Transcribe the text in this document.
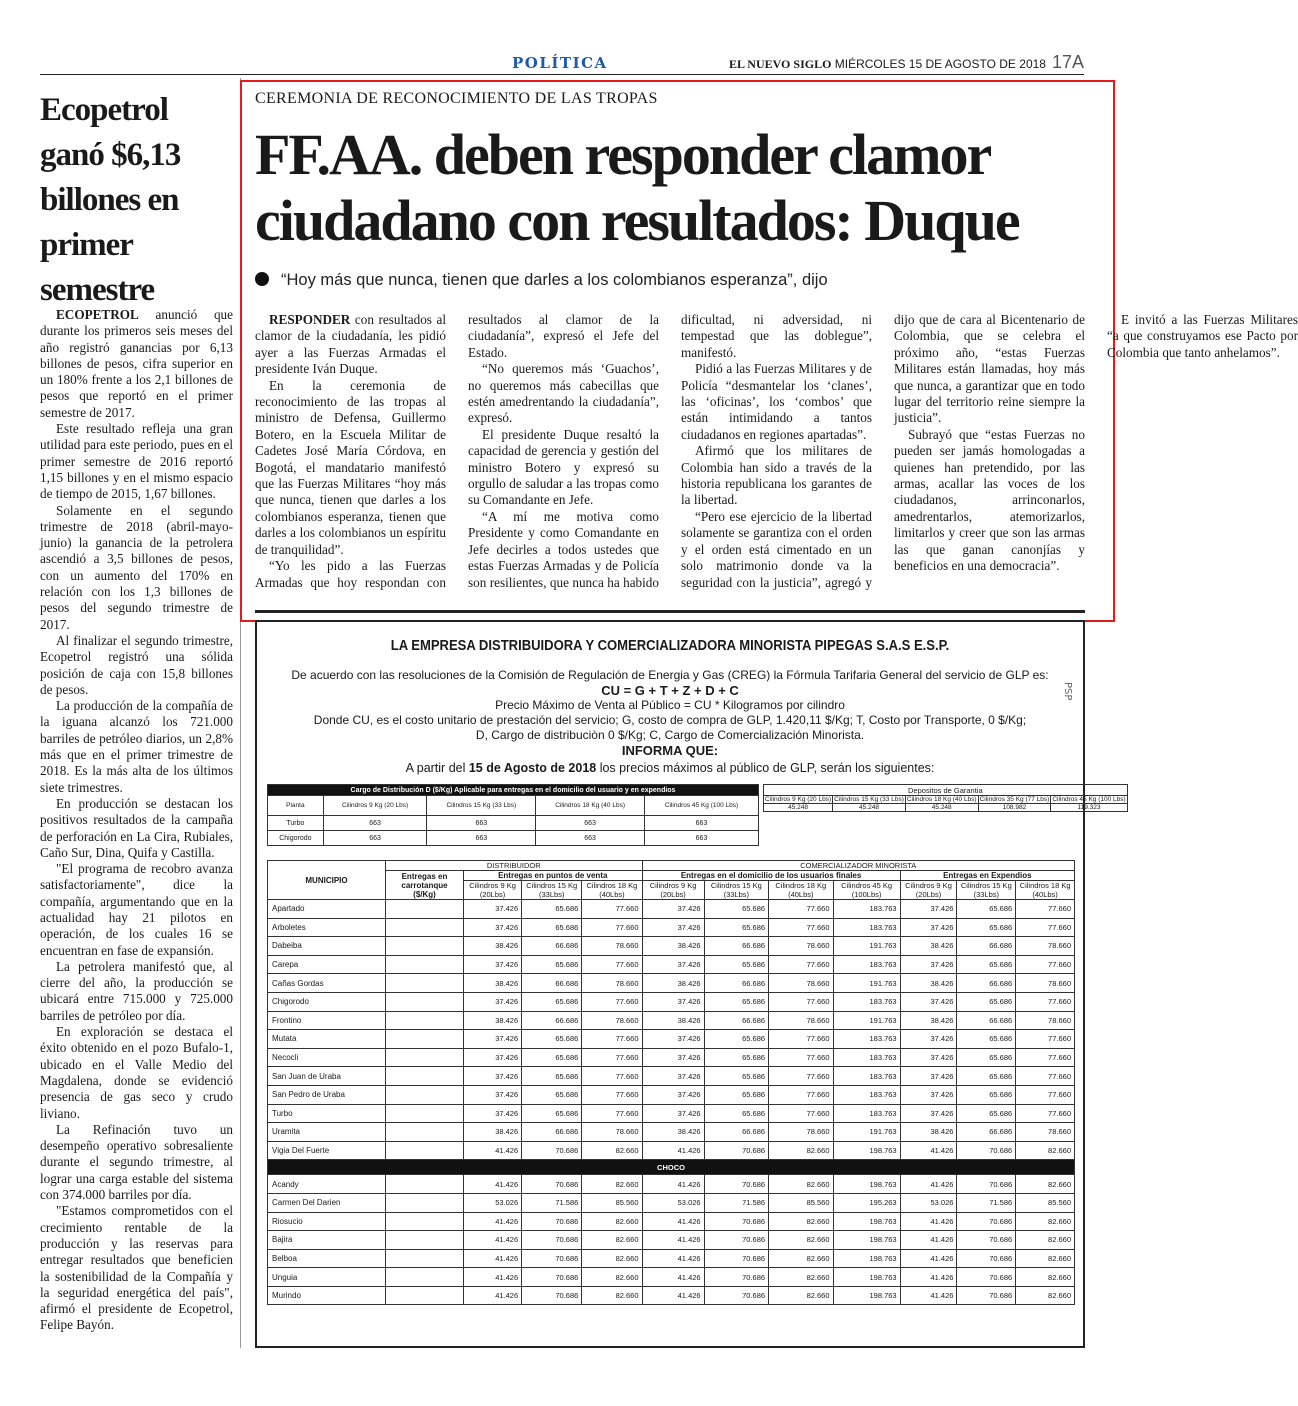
POLÍTICA	EL NUEVO SIGLO MIÉRCOLES 15 DE AGOSTO DE 2018 17A
Ecopetrol ganó $6,13 billones en primer semestre

ECOPETROL anunció que durante los primeros seis meses del año registró ganancias por 6,13 billones de pesos, cifra superior en un 180% frente a los 2,1 billones de pesos que reportó en el primer semestre de 2017.

Este resultado refleja una gran utilidad para este periodo, pues en el primer semestre de 2016 reportó 1,15 billones y en el mismo espacio de tiempo de 2015, 1,67 billones.

Solamente en el segundo trimestre de 2018 (abril-mayo-junio) la ganancia de la petrolera ascendió a 3,5 billones de pesos, con un aumento del 170% en relación con los 1,3 billones de pesos del segundo trimestre de 2017.

Al finalizar el segundo trimestre, Ecopetrol registró una sólida posición de caja con 15,8 billones de pesos.

La producción de la compañía de la iguana alcanzó los 721.000 barriles de petróleo diarios, un 2,8% más que en el primer trimestre de 2018. Es la más alta de los últimos siete trimestres.

En producción se destacan los positivos resultados de la campaña de perforación en La Cira, Rubiales, Caño Sur, Dina, Quifa y Castilla.

"El programa de recobro avanza satisfactoriamente", dice la compañía, argumentando que en la actualidad hay 21 pilotos en operación, de los cuales 16 se encuentran en fase de expansión.

La petrolera manifestó que, al cierre del año, la producción se ubicará entre 715.000 y 725.000 barriles de petróleo por día.

En exploración se destaca el éxito obtenido en el pozo Bufalo-1, ubicado en el Valle Medio del Magdalena, donde se evidenció presencia de gas seco y crudo liviano.

La Refinación tuvo un desempeño operativo sobresaliente durante el segundo trimestre, al lograr una carga estable del sistema con 374.000 barriles por día.

"Estamos comprometidos con el crecimiento rentable de la producción y las reservas para entregar resultados que beneficien la sostenibilidad de la Compañía y la seguridad energética del país", afirmó el presidente de Ecopetrol, Felipe Bayón.

CEREMONIA DE RECONOCIMIENTO DE LAS TROPAS
FF.AA. deben responder clamor ciudadano con resultados: Duque
“Hoy más que nunca, tienen que darles a los colombianos esperanza”, dijo

RESPONDER con resultados al clamor de la ciudadanía, les pidió ayer a las Fuerzas Armadas el presidente Iván Duque.

En la ceremonia de reconocimiento de las tropas al ministro de Defensa, Guillermo Botero, en la Escuela Militar de Cadetes José María Córdova, en Bogotá, el mandatario manifestó que las Fuerzas Militares “hoy más que nunca, tienen que darles a los colombianos esperanza, tienen que darles a los colombianos un espíritu de tranquilidad”.

“Yo les pido a las Fuerzas Armadas que hoy respondan con resultados al clamor de la ciudadanía”, expresó el Jefe del Estado.

“No queremos más ‘Guachos’, no queremos más cabecillas que estén amedrentando la ciudadanía”, expresó.

El presidente Duque resaltó la capacidad de gerencia y gestión del ministro Botero y expresó su orgullo de saludar a las tropas como su Comandante en Jefe.

“A mí me motiva como Presidente y como Comandante en Jefe decirles a todos ustedes que estas Fuerzas Armadas y de Policía son resilientes, que nunca ha habido dificultad, ni adversidad, ni tempestad que las doblegue”, manifestó.

Pidió a las Fuerzas Militares y de Policía “desmantelar los ‘clanes’, las ‘oficinas’, los ‘combos’ que están intimidando a tantos ciudadanos en regiones apartadas”.

Afirmó que los militares de Colombia han sido a través de la historia republicana los garantes de la libertad.

“Pero ese ejercicio de la libertad solamente se garantiza con el orden y el orden está cimentado en un solo matrimonio donde va la seguridad con la justicia”, agregó y dijo que de cara al Bicentenario de Colombia, que se celebra el próximo año, “estas Fuerzas Militares están llamadas, hoy más que nunca, a garantizar que en todo lugar del territorio reine siempre la justicia”.

Subrayó que “estas Fuerzas no pueden ser jamás homologadas a quienes han pretendido, por las armas, acallar las voces de los ciudadanos, arrinconarlos, amedrentarlos, atemorizarlos, limitarlos y creer que son las armas las que ganan canonjías y beneficios en una democracia”.

E invitó a las Fuerzas Militares “a que construyamos ese Pacto por Colombia que tanto anhelamos”.

LA EMPRESA DISTRIBUIDORA Y COMERCIALIZADORA MINORISTA PIPEGAS S.A.S E.S.P.
De acuerdo con las resoluciones de la Comisión de Regulación de Energia y Gas (CREG) la Fórmula Tarifaria General del servicio de GLP es:
CU = G + T + Z + D + C
Precio Máximo de Venta al Público = CU * Kilogramos por cilindro
Donde CU, es el costo unitario de prestación del servicio; G, costo de compra de GLP, 1.420,11 $/Kg; T, Costo por Transporte, 0 $/Kg;
D, Cargo de distribuciòn 0 $/Kg; C, Cargo de Comercialización Minorista.
INFORMA QUE:
A partir del 15 de Agosto de 2018 los precios máximos al público de GLP, serán los siguientes:
PSP
Cargo de Distribución D ($/Kg) Aplicable para entregas en el domicilio del usuario y en expendios				
Planta	Cilindros 9 Kg (20 Lbs)	Cilindros 15 Kg (33 Lbs)	Cilindros 18 Kg (40 Lbs)	Cilindros 45 Kg (100 Lbs)
Turbo	663	663	663	663
Chigorodo	663	663	663	663
Depositos de Garantia				
Cilindros 9 Kg (20 Lbs)	Cilindros 15 Kg (33 Lbs)	Cilindros 18 Kg (40 Lbs)	Cilindros 35 Kg (77 Lbs)	Cilindros 45 Kg (100 Lbs)
45.248	45.248	45.248	108.982	119.323
MUNICIPIO	DISTRIBUIDOR				COMERCIALIZADOR MINORISTA						
	Entregas en carrotanque ($/Kg)	Entregas en puntos de venta			Entregas en el domicilio de los usuarios finales				Entregas en Expendios		
		Cilindros 9 Kg (20Lbs)	Cilindros 15 Kg (33Lbs)	Cilindros 18 Kg (40Lbs)	Cilindros 9 Kg (20Lbs)	Cilindros 15 Kg (33Lbs)	Cilindros 18 Kg (40Lbs)	Cilindros 45 Kg (100Lbs)	Cilindros 9 Kg (20Lbs)	Cilindros 15 Kg (33Lbs)	Cilindros 18 Kg (40Lbs)
Apartado		37.426	65.686	77.660	37.426	65.686	77.660	183.763	37.426	65.686	77.660
Arboletes		37.426	65.686	77.660	37.426	65.686	77.660	183.763	37.426	65.686	77.660
Dabeiba		38.426	66.686	78.660	38.426	66.686	78.660	191.763	38.426	66.686	78.660
Carepa		37.426	65.686	77.660	37.426	65.686	77.660	183.763	37.426	65.686	77.660
Cañas Gordas		38.426	66.686	78.660	38.426	66.686	78.660	191.763	38.426	66.686	78.660
Chigorodo		37.426	65.686	77.660	37.426	65.686	77.660	183.763	37.426	65.686	77.660
Frontino		38.426	66.686	78.660	38.426	66.686	78.660	191.763	38.426	66.686	78.660
Mutata		37.426	65.686	77.660	37.426	65.686	77.660	183.763	37.426	65.686	77.660
Necocli		37.426	65.686	77.660	37.426	65.686	77.660	183.763	37.426	65.686	77.660
San Juan de Uraba		37.426	65.686	77.660	37.426	65.686	77.660	183.763	37.426	65.686	77.660
San Pedro de Uraba		37.426	65.686	77.660	37.426	65.686	77.660	183.763	37.426	65.686	77.660
Turbo		37.426	65.686	77.660	37.426	65.686	77.660	183.763	37.426	65.686	77.660
Uramita		38.426	66.686	78.660	38.426	66.686	78.660	191.763	38.426	66.686	78.660
Vigia Del Fuerte		41.426	70.686	82.660	41.426	70.686	82.660	198.763	41.426	70.686	82.660
CHOCO											
Acandy		41.426	70.686	82.660	41.426	70.686	82.660	198.763	41.426	70.686	82.660
Carmen Del Darien		53.026	71.586	85.560	53.026	71.586	85.560	195.263	53.026	71.586	85.560
Riosucio		41.426	70.686	82.660	41.426	70.686	82.660	198.763	41.426	70.686	82.660
Bajira		41.426	70.686	82.660	41.426	70.686	82.660	198.763	41.426	70.686	82.660
Belboa		41.426	70.686	82.660	41.426	70.686	82.660	198.763	41.426	70.686	82.660
Unguia		41.426	70.686	82.660	41.426	70.686	82.660	198.763	41.426	70.686	82.660
Murindo		41.426	70.686	82.660	41.426	70.686	82.660	198.763	41.426	70.686	82.660
